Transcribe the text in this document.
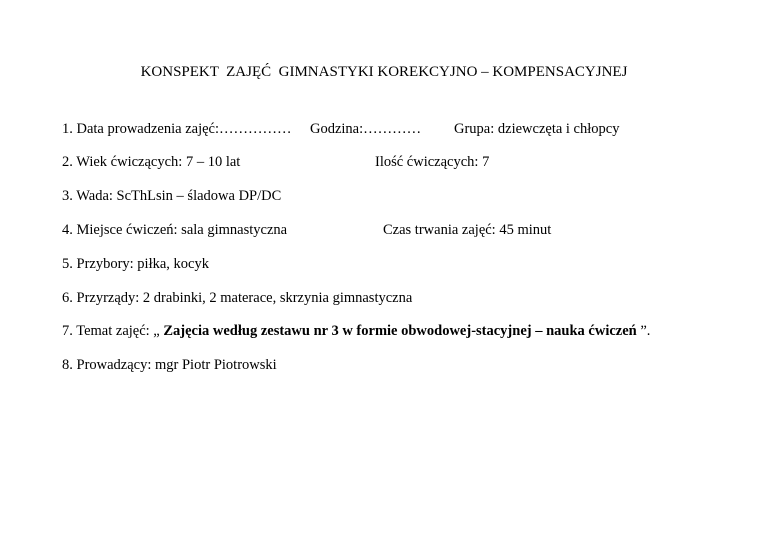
KONSPEKT  ZAJĘĆ  GIMNASTYKI KOREKCYJNO – KOMPENSACYJNEJ
1. Data prowadzenia zajęć:…………… Godzina:………… Grupa: dziewczęta i chłopcy
2. Wiek ćwiczących: 7 – 10 lat	Ilość ćwiczących: 7
3. Wada: ScThLsin – śladowa DP/DC
4. Miejsce ćwiczeń: sala gimnastyczna	Czas trwania zajęć: 45 minut
5. Przybory: piłka, kocyk
6. Przyrządy: 2 drabinki, 2 materace, skrzynia gimnastyczna
7. Temat zajęć: „ Zajęcia według zestawu nr 3 w formie obwodowej-stacyjnej – nauka ćwiczeń ”.
8. Prowadzący: mgr Piotr Piotrowski
